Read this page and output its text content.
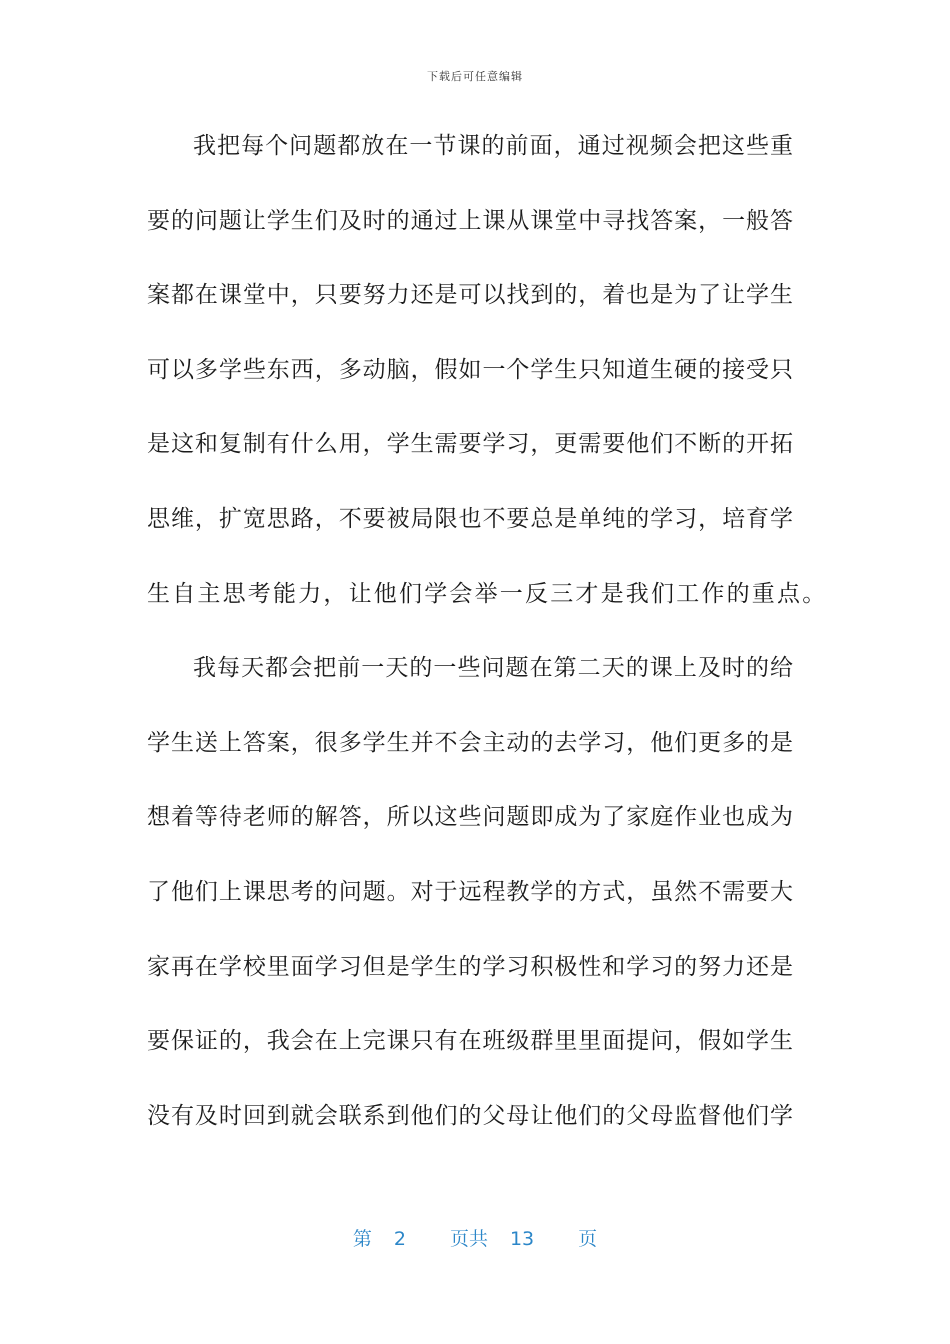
下载后可任意编辑
我把每个问题都放在一节课的前面，通过视频会把这些重
要的问题让学生们及时的通过上课从课堂中寻找答案，一般答
案都在课堂中，只要努力还是可以找到的，着也是为了让学生
可以多学些东西，多动脑，假如一个学生只知道生硬的接受只
是这和复制有什么用，学生需要学习，更需要他们不断的开拓
思维，扩宽思路，不要被局限也不要总是单纯的学习，培育学
生自主思考能力，让他们学会举一反三才是我们工作的重点。
我每天都会把前一天的一些问题在第二天的课上及时的给
学生送上答案，很多学生并不会主动的去学习，他们更多的是
想着等待老师的解答，所以这些问题即成为了家庭作业也成为
了他们上课思考的问题。对于远程教学的方式，虽然不需要大
家再在学校里面学习但是学生的学习积极性和学习的努力还是
要保证的，我会在上完课只有在班级群里里面提问，假如学生
没有及时回到就会联系到他们的父母让他们的父母监督他们学
第 2 页共 13 页
